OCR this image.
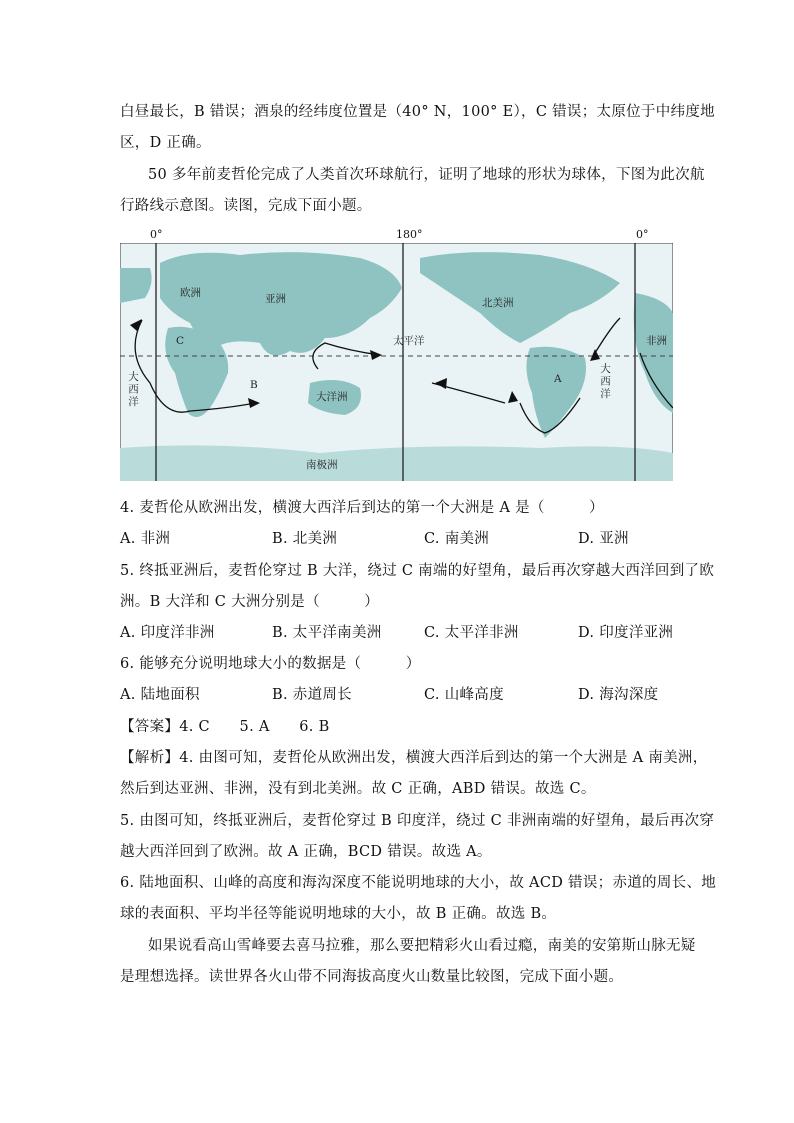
白昼最长，B 错误；酒泉的经纬度位置是（40° N，100° E），C 错误；太原位于中纬度地
区，D 正确。
50 多年前麦哲伦完成了人类首次环球航行，证明了地球的形状为球体，下图为此次航
行路线示意图。读图，完成下面小题。
0°	180°	0°
欧洲	亚洲	北美洲
非洲
太平洋
C
B	A
大洋洲
南极洲
大西洋	大西洋
4. 麦哲伦从欧洲出发，横渡大西洋后到达的第一个大洲是 A 是（　　　）
A. 非洲	B. 北美洲	C. 南美洲	D. 亚洲
5. 终抵亚洲后，麦哲伦穿过 B 大洋，绕过 C 南端的好望角，最后再次穿越大西洋回到了欧
洲。B 大洋和 C 大洲分别是（　　　）
A. 印度洋非洲	B. 太平洋南美洲	C. 太平洋非洲	D. 印度洋亚洲
6. 能够充分说明地球大小的数据是（　　　）
A. 陆地面积	B. 赤道周长	C. 山峰高度	D. 海沟深度
【答案】4. C　　5. A　　6. B
【解析】4. 由图可知，麦哲伦从欧洲出发，横渡大西洋后到达的第一个大洲是 A 南美洲，
然后到达亚洲、非洲，没有到北美洲。故 C 正确，ABD 错误。故选 C。
5. 由图可知，终抵亚洲后，麦哲伦穿过 B 印度洋，绕过 C 非洲南端的好望角，最后再次穿
越大西洋回到了欧洲。故 A 正确，BCD 错误。故选 A。
6. 陆地面积、山峰的高度和海沟深度不能说明地球的大小，故 ACD 错误；赤道的周长、地
球的表面积、平均半径等能说明地球的大小，故 B 正确。故选 B。
如果说看高山雪峰要去喜马拉雅，那么要把精彩火山看过瘾，南美的安第斯山脉无疑
是理想选择。读世界各火山带不同海拔高度火山数量比较图，完成下面小题。
